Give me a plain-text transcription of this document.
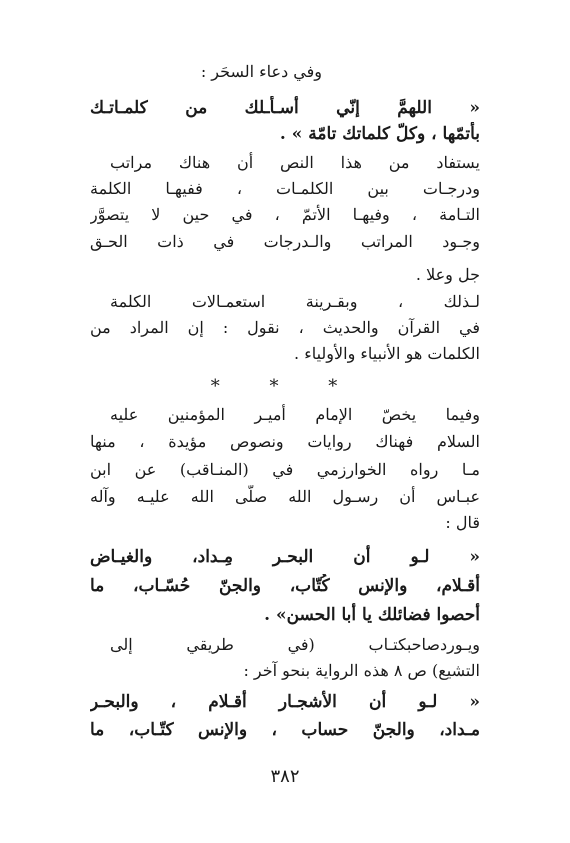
وفي دعاء السحَر :
« اللهمَّ إنّي أسـأـلك من كلمـاتـك
بأتمّها ، وكلّ كلماتك تامّة » .
يستفاد من هذا النص أن هناك مراتب
ودرجـات بين الكلمـات ، ففيهـا الكلمة
التـامة ، وفيهـا الأتمّ ، في حين لا يتصوَّر
وجـود المراتب والـدرجات في ذات الحـق
جل وعلا .
لـذلك ، وبقـرينة استعمـالات الكلمة
في القرآن والحديث ، نقول : إن المراد من
الكلمات هو الأنبياء والأولياء .
* * *
وفيما يخصّ الإمام أميـر المؤمنين عليه
السلام فهناك روايات ونصوص مؤيدة ، منها
مـا رواه الخوارزمي في (المنـاقب) عن ابن
عبـاس أن رسـول الله صلّى الله عليـه وآله
قال :
« لـو أن البحـر مِـداد، والغيـاض
أقـلام، والإنس كُتّاب، والجنّ حُسّـاب، ما
أحصوا فضائلك يا أبا الحسن» .
ويـوردصاحبكتـاب (في طريقي إلى
التشيع) ص ٨ هذه الرواية بنحو آخر :
« لـو أن الأشجـار أقـلام ، والبحـر
مـداد، والجنّ حساب ، والإنس كتّـاب، ما
٣٨٢
